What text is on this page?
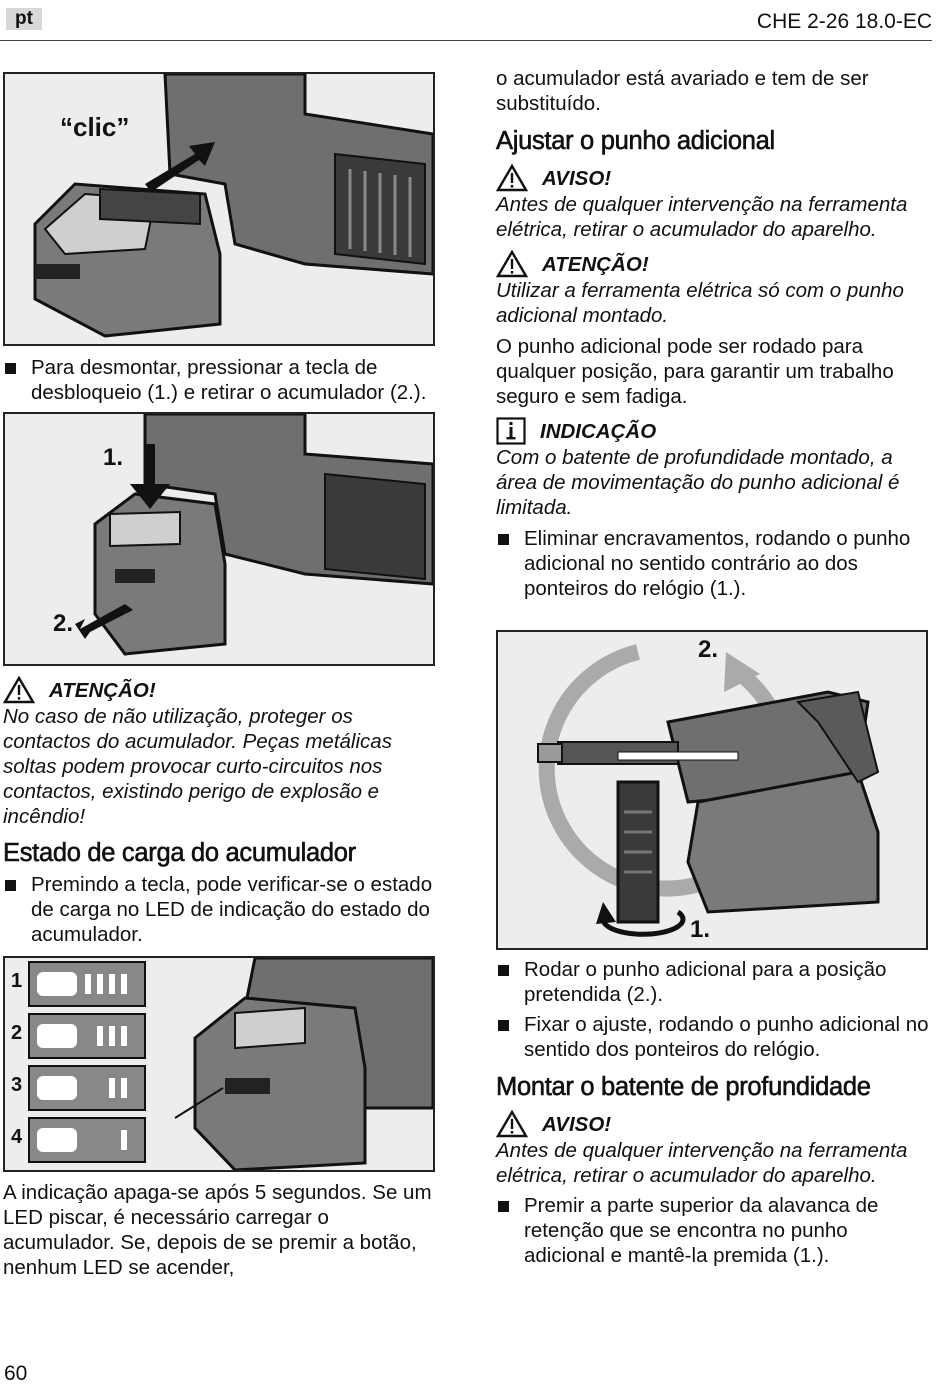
pt	CHE 2-26 18.0-EC
“clic”

Para desmontar, pressionar a tecla de desbloqueio (1.) e retirar o acumulador (2.).

1.
2.
ATENÇÃO!

No caso de não utilização, proteger os contactos do acumulador. Peças metálicas soltas podem provocar curto-circuitos nos contactos, existindo perigo de explosão e incêndio!

Estado de carga do acumulador

Premindo a tecla, pode verificar-se o estado de carga no LED de indicação do estado do acumulador.

1
2
3
4

A indicação apaga-se após 5 segundos. Se um LED piscar, é necessário carregar o acumulador. Se, depois de se premir a botão, nenhum LED se acender,

o acumulador está avariado e tem de ser substituído.

Ajustar o punho adicional
AVISO!

Antes de qualquer intervenção na ferramenta elétrica, retirar o acumulador do aparelho.

ATENÇÃO!

Utilizar a ferramenta elétrica só com o punho adicional montado.

O punho adicional pode ser rodado para qualquer posição, para garantir um trabalho seguro e sem fadiga.

INDICAÇÃO

Com o batente de profundidade montado, a área de movimentação do punho adicional é limitada.

Eliminar encravamentos, rodando o punho adicional no sentido contrário ao dos ponteiros do relógio (1.).

1.
2.

Rodar o punho adicional para a posição pretendida (2.).

Fixar o ajuste, rodando o punho adicional no sentido dos ponteiros do relógio.

Montar o batente de profundidade
AVISO!

Antes de qualquer intervenção na ferramenta elétrica, retirar o acumulador do aparelho.

Premir a parte superior da alavanca de retenção que se encontra no punho adicional e mantê-la premida (1.).

60
